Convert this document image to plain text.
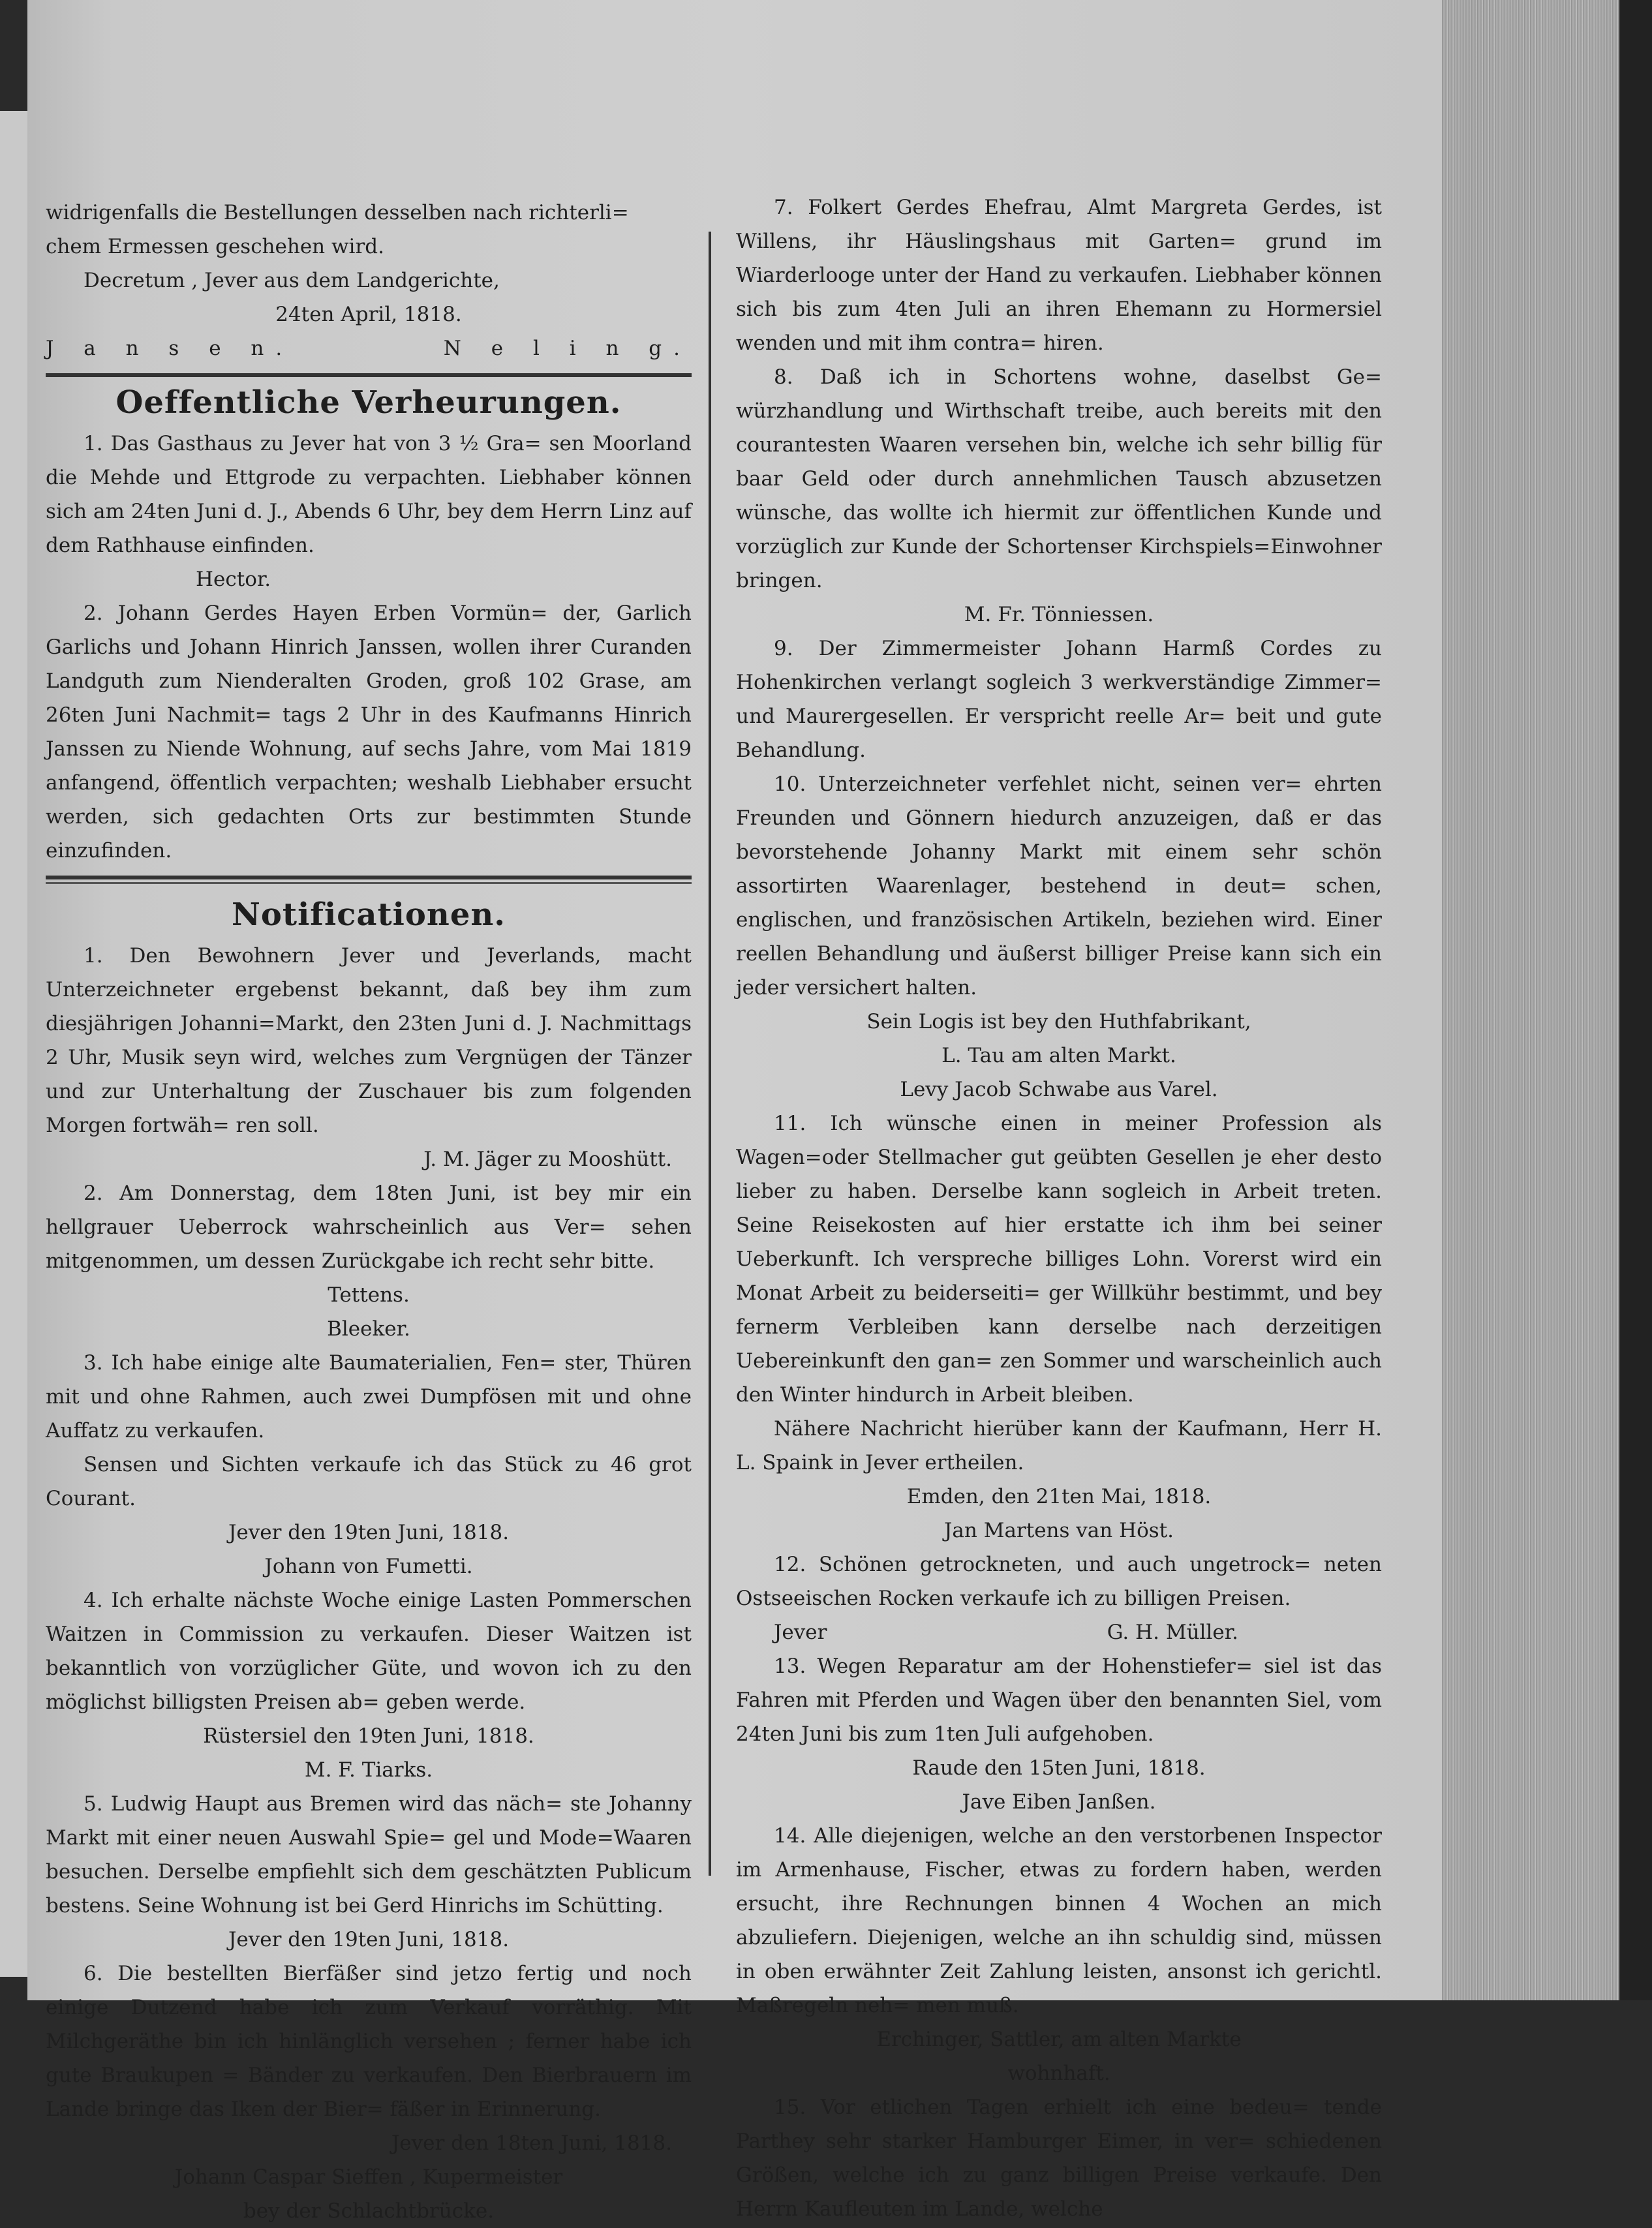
widrigenfalls die Bestellungen desselben nach richterli=

chem Ermessen geschehen wird.

Decretum , Jever aus dem Landgerichte,

24ten April, 1818.

J a n s e n.	N e l i n g.
Oeffentliche Verheurungen.

1. Das Gasthaus zu Jever hat von 3 ½ Gra= sen Moorland die Mehde und Ettgrode zu verpachten. Liebhaber können sich am 24ten Juni d. J., Abends 6 Uhr, bey dem Herrn Linz auf dem Rathhause einfinden.

Hector.

2. Johann Gerdes Hayen Erben Vormün= der, Garlich Garlichs und Johann Hinrich Janssen, wollen ihrer Curanden Landguth zum Nienderalten Groden, groß 102 Grase, am 26ten Juni Nachmit= tags 2 Uhr in des Kaufmanns Hinrich Janssen zu Niende Wohnung, auf sechs Jahre, vom Mai 1819 anfangend, öffentlich verpachten; weshalb Liebhaber ersucht werden, sich gedachten Orts zur bestimmten Stunde einzufinden.

Notificationen.

1. Den Bewohnern Jever und Jeverlands, macht Unterzeichneter ergebenst bekannt, daß bey ihm zum diesjährigen Johanni=Markt, den 23ten Juni d. J. Nachmittags 2 Uhr, Musik seyn wird, welches zum Vergnügen der Tänzer und zur Unterhaltung der Zuschauer bis zum folgenden Morgen fortwäh= ren soll.

J. M. Jäger zu Mooshütt.

2. Am Donnerstag, dem 18ten Juni, ist bey mir ein hellgrauer Ueberrock wahrscheinlich aus Ver= sehen mitgenommen, um dessen Zurückgabe ich recht sehr bitte.

Tettens.

Bleeker.

3. Ich habe einige alte Baumaterialien, Fen= ster, Thüren mit und ohne Rahmen, auch zwei Dumpfösen mit und ohne Auffatz zu verkaufen.

Sensen und Sichten verkaufe ich das Stück zu 46 grot Courant.

Jever den 19ten Juni, 1818.

Johann von Fumetti.

4. Ich erhalte nächste Woche einige Lasten Pommerschen Waitzen in Commission zu verkaufen. Dieser Waitzen ist bekanntlich von vorzüglicher Güte, und wovon ich zu den möglichst billigsten Preisen ab= geben werde.

Rüstersiel den 19ten Juni, 1818.

M. F. Tiarks.

5. Ludwig Haupt aus Bremen wird das näch= ste Johanny Markt mit einer neuen Auswahl Spie= gel und Mode=Waaren besuchen. Derselbe empfiehlt sich dem geschätzten Publicum bestens. Seine Wohnung ist bei Gerd Hinrichs im Schütting.

Jever den 19ten Juni, 1818.

6. Die bestellten Bierfäßer sind jetzo fertig und noch einige Dutzend habe ich zum Verkauf vorräthig. Mit Milchgeräthe bin ich hinlänglich versehen ; ferner habe ich gute Braukupen = Bänder zu verkaufen. Den Bierbrauern im Lande bringe das Iken der Bier= fäßer in Erinnerung.

Jever den 18ten Juni, 1818.

Johann Caspar Sieffen , Kupermeister

bey der Schlachtbrücke.

7. Folkert Gerdes Ehefrau, Almt Margreta Gerdes, ist Willens, ihr Häuslingshaus mit Garten= grund im Wiarderlooge unter der Hand zu verkaufen. Liebhaber können sich bis zum 4ten Juli an ihren Ehemann zu Hormersiel wenden und mit ihm contra= hiren.

8. Daß ich in Schortens wohne, daselbst Ge= würzhandlung und Wirthschaft treibe, auch bereits mit den courantesten Waaren versehen bin, welche ich sehr billig für baar Geld oder durch annehmlichen Tausch abzusetzen wünsche, das wollte ich hiermit zur öffentlichen Kunde und vorzüglich zur Kunde der Schortenser Kirchspiels=Einwohner bringen.

M. Fr. Tönniessen.

9. Der Zimmermeister Johann Harmß Cordes zu Hohenkirchen verlangt sogleich 3 werkverständige Zimmer= und Maurergesellen. Er verspricht reelle Ar= beit und gute Behandlung.

10. Unterzeichneter verfehlet nicht, seinen ver= ehrten Freunden und Gönnern hiedurch anzuzeigen, daß er das bevorstehende Johanny Markt mit einem sehr schön assortirten Waarenlager, bestehend in deut= schen, englischen, und französischen Artikeln, beziehen wird. Einer reellen Behandlung und äußerst billiger Preise kann sich ein jeder versichert halten.

Sein Logis ist bey den Huthfabrikant,

L. Tau am alten Markt.

Levy Jacob Schwabe aus Varel.

11. Ich wünsche einen in meiner Profession als Wagen=oder Stellmacher gut geübten Gesellen je eher desto lieber zu haben. Derselbe kann sogleich in Arbeit treten. Seine Reisekosten auf hier erstatte ich ihm bei seiner Ueberkunft. Ich verspreche billiges Lohn. Vorerst wird ein Monat Arbeit zu beiderseiti= ger Willkühr bestimmt, und bey fernerm Verbleiben kann derselbe nach derzeitigen Uebereinkunft den gan= zen Sommer und warscheinlich auch den Winter hindurch in Arbeit bleiben.

Nähere Nachricht hierüber kann der Kaufmann, Herr H. L. Spaink in Jever ertheilen.

Emden, den 21ten Mai, 1818.

Jan Martens van Höst.

12. Schönen getrockneten, und auch ungetrock= neten Ostseeischen Rocken verkaufe ich zu billigen Preisen.

Jever	G. H. Müller.

13. Wegen Reparatur am der Hohenstiefer= siel ist das Fahren mit Pferden und Wagen über den benannten Siel, vom 24ten Juni bis zum 1ten Juli aufgehoben.

Raude den 15ten Juni, 1818.

Jave Eiben Janßen.

14. Alle diejenigen, welche an den verstorbenen Inspector im Armenhause, Fischer, etwas zu fordern haben, werden ersucht, ihre Rechnungen binnen 4 Wochen an mich abzuliefern. Diejenigen, welche an ihn schuldig sind, müssen in oben erwähnter Zeit Zahlung leisten, ansonst ich gerichtl. Maßregeln neh= men muß.

Erchinger, Sattler, am alten Markte

wohnhaft.

15. Vor etlichen Tagen erhielt ich eine bedeu= tende Parthey sehr starker Hamburger Eimer, in ver= schiedenen Größen, welche ich zu ganz billigen Preise verkaufe. Den Herrn Kaufleuten im Lande, welche
